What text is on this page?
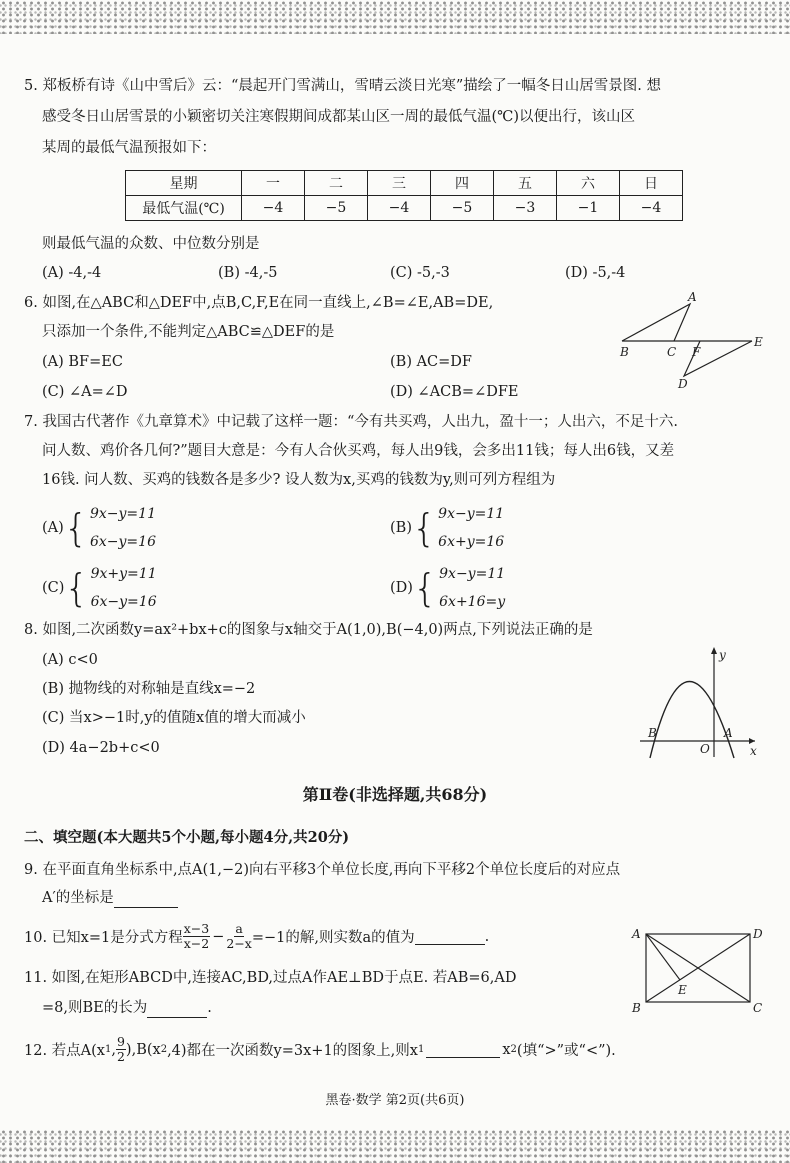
5. 郑板桥有诗《山中雪后》云：“晨起开门雪满山，雪晴云淡日光寒”描绘了一幅冬日山居雪景图. 想
感受冬日山居雪景的小颖密切关注寒假期间成都某山区一周的最低气温(℃)以便出行，该山区
某周的最低气温预报如下：
星期	一	二	三	四	五	六	日
最低气温(℃)	−4	−5	−4	−5	−3	−1	−4
则最低气温的众数、中位数分别是
(A) -4,-4	(B) -4,-5	(C) -5,-3	(D) -5,-4
6. 如图,在△ABC和△DEF中,点B,C,F,E在同一直线上,∠B=∠E,AB=DE,
只添加一个条件,不能判定△ABC≌△DEF的是
(A) BF=EC	(B) AC=DF
(C) ∠A=∠D	(D) ∠ACB=∠DFE
A
B	C F
E
D
7. 我国古代著作《九章算术》中记载了这样一题：“今有共买鸡，人出九，盈十一；人出六，不足十六.
问人数、鸡价各几何?”题目大意是：今有人合伙买鸡，每人出9钱，会多出11钱；每人出6钱，又差
16钱. 问人数、买鸡的钱数各是多少? 设人数为x,买鸡的钱数为y,则可列方程组为
(A) { 9x−y=11
6x−y=16
(B) { 9x−y=11
6x+y=16
(C) { 9x+y=11
6x−y=16
(D) { 9x−y=11
6x+16=y
8. 如图,二次函数y=ax²+bx+c的图象与x轴交于A(1,0),B(−4,0)两点,下列说法正确的是
(A) c<0
(B) 抛物线的对称轴是直线x=−2
(C) 当x>−1时,y的值随x值的增大而减小
(D) 4a−2b+c<0
y
x
B
O
A
第Ⅱ卷(非选择题,共68分)
二、填空题(本大题共5个小题,每小题4分,共20分)
9. 在平面直角坐标系中,点A(1,−2)向右平移3个单位长度,再向下平移2个单位长度后的对应点
A′的坐标是
10. 已知x=1是分式方程 $\frac{x-3}{x-2} - \frac{a}{2-x} =-1$的解,则实数a的值为	.
11. 如图,在矩形ABCD中,连接AC,BD,过点A作AE⊥BD于点E. 若AB=6,AD
=8,则BE的长为	.
A	D
E
B	C
12. 若点A(x 1 , $\frac{9}{2} ),B(x$ 2 ,4)都在一次函数y=3x+1的图象上,则x 1	x 2 (填“>”或“<”).
黑卷·数学 第2页(共6页)
